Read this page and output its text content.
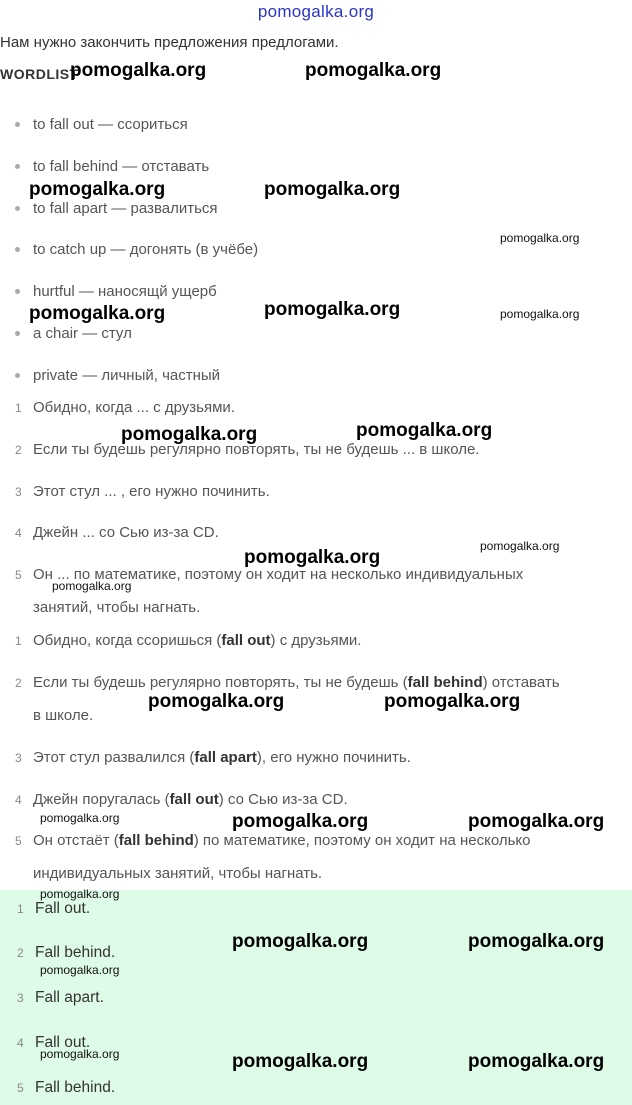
pomogalka.org
Нам нужно закончить предложения предлогами.
WORDLIST
to fall out — ссориться
to fall behind — отставать
to fall apart — развалиться
to catch up — догонять (в учёбе)
hurtful — наносящй ущерб
a chair — стул
private — личный, частный
1 Обидно, когда ... с друзьями.
2 Если ты будешь регулярно повторять, ты не будешь ... в школе.
3 Этот стул ... , его нужно починить.
4 Джейн ... со Сью из-за CD.
5 Он ... по математике, поэтому он ходит на несколько индивидуальных
занятий, чтобы нагнать.
1 Обидно, когда ссоришься (fall out) с друзьями.
2 Если ты будешь регулярно повторять, ты не будешь (fall behind) отставать
в школе.
3 Этот стул развалился (fall apart), его нужно починить.
4 Джейн поругалась (fall out) со Сью из-за CD.
5 Он отстаёт (fall behind) по математике, поэтому он ходит на несколько
индивидуальных занятий, чтобы нагнать.
1 Fall out.
2 Fall behind.
3 Fall apart.
4 Fall out.
5 Fall behind.
pomogalka.org	pomogalka.org
pomogalka.org	pomogalka.org
pomogalka.org
pomogalka.org	pomogalka.org	pomogalka.org
pomogalka.org	pomogalka.org
pomogalka.org
pomogalka.org
pomogalka.org
pomogalka.org	pomogalka.org
pomogalka.org	pomogalka.org	pomogalka.org
pomogalka.org
pomogalka.org	pomogalka.org
pomogalka.org
pomogalka.org	pomogalka.org	pomogalka.org
